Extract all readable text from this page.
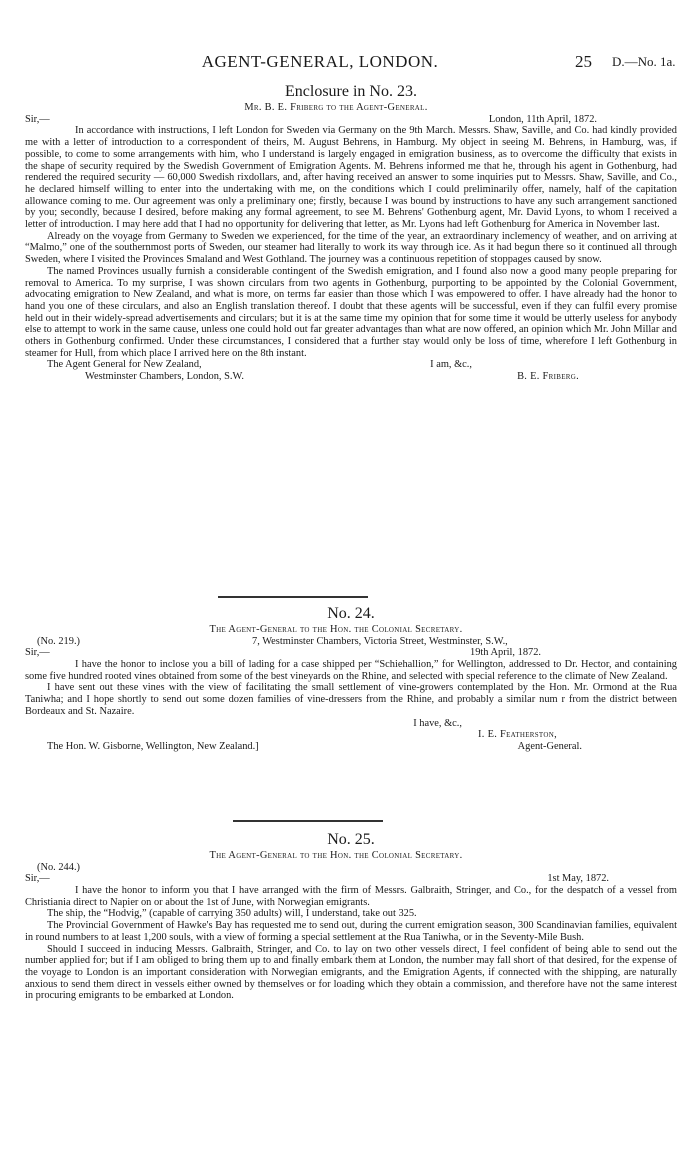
AGENT-GENERAL, LONDON.	25 D.—No. 1a.
Enclosure in No. 23.
Mr. B. E. Friberg to the Agent-General.
Sir,—	London, 11th April, 1872.

In accordance with instructions, I left London for Sweden via Germany on the 9th March. Messrs. Shaw, Saville, and Co. had kindly provided me with a letter of introduction to a correspondent of theirs, M. August Behrens, in Hamburg. My object in seeing M. Behrens, in Hamburg, was, if possible, to come to some arrangements with him, who I understand is largely engaged in emigration business, as to overcome the difficulty that exists in the shape of security required by the Swedish Government of Emigration Agents. M. Behrens informed me that he, through his agent in Gothenburg, had rendered the required security — 60,000 Swedish rixdollars, and, after having received an answer to some inquiries put to Messrs. Shaw, Saville, and Co., he declared himself willing to enter into the undertaking with me, on the conditions which I could preliminarily offer, namely, half of the capitation allowance coming to me. Our agreement was only a preliminary one; firstly, because I was bound by instructions to have any such arrangement sanctioned by you; secondly, because I desired, before making any formal agreement, to see M. Behrens' Gothenburg agent, Mr. David Lyons, to whom I received a letter of introduction. I may here add that I had no opportunity for delivering that letter, as Mr. Lyons had left Gothenburg for America in November last.

Already on the voyage from Germany to Sweden we experienced, for the time of the year, an extraordinary inclemency of weather, and on arriving at “Malmo,” one of the southernmost ports of Sweden, our steamer had literally to work its way through ice. As it had begun there so it continued all through Sweden, where I visited the Provinces Smaland and West Gothland. The journey was a continuous repetition of stoppages caused by snow.

The named Provinces usually furnish a considerable contingent of the Swedish emigration, and I found also now a good many people preparing for removal to America. To my surprise, I was shown circulars from two agents in Gothenburg, purporting to be appointed by the Colonial Government, advocating emigration to New Zealand, and what is more, on terms far easier than those which I was empowered to offer. I have already had the honor to hand you one of these circulars, and also an English translation thereof. I doubt that these agents will be successful, even if they can fulfil every promise held out in their widely-spread advertisements and circulars; but it is at the same time my opinion that for some time it would be utterly useless for anybody else to attempt to work in the same cause, unless one could hold out far greater advantages than what are now offered, an opinion which Mr. John Millar and others in Gothenburg confirmed. Under these circumstances, I considered that a further stay would only be loss of time, wherefore I left Gothenburg in steamer for Hull, from which place I arrived here on the 8th instant.

The Agent General for New Zealand,	I am, &c.,
Westminster Chambers, London, S.W.	B. E. Friberg.
No. 24.
The Agent-General to the Hon. the Colonial Secretary.
(No. 219.)	7, Westminster Chambers, Victoria Street, Westminster, S.W.,
Sir,—	19th April, 1872.

I have the honor to inclose you a bill of lading for a case shipped per “Schiehallion,” for Wellington, addressed to Dr. Hector, and containing some five hundred rooted vines obtained from some of the best vineyards on the Rhine, and selected with special reference to the climate of New Zealand.

I have sent out these vines with the view of facilitating the small settlement of vine-growers contemplated by the Hon. Mr. Ormond at the Rua Taniwha; and I hope shortly to send out some dozen families of vine-dressers from the Rhine, and probably a similar num r from the district between Bordeaux and St. Nazaire.

I have, &c.,
I. E. Featherston,
The Hon. W. Gisborne, Wellington, New Zealand.]	Agent-General.
No. 25.
The Agent-General to the Hon. the Colonial Secretary.
(No. 244.)
Sir,—	1st May, 1872.

I have the honor to inform you that I have arranged with the firm of Messrs. Galbraith, Stringer, and Co., for the despatch of a vessel from Christiania direct to Napier on or about the 1st of June, with Norwegian emigrants.

The ship, the “Hodvig,” (capable of carrying 350 adults) will, I understand, take out 325.

The Provincial Government of Hawke's Bay has requested me to send out, during the current emigration season, 300 Scandinavian families, equivalent in round numbers to at least 1,200 souls, with a view of forming a special settlement at the Rua Taniwha, or in the Seventy-Mile Bush.

Should I succeed in inducing Messrs. Galbraith, Stringer, and Co. to lay on two other vessels direct, I feel confident of being able to send out the number applied for; but if I am obliged to bring them up to and finally embark them at London, the number may fall short of that desired, for the expense of the voyage to London is an important consideration with Norwegian emigrants, and the Emigration Agents, if connected with the shipping, are naturally anxious to send them direct in vessels either owned by themselves or for loading which they obtain a commission, and therefore have not the same interest in procuring emigrants to be embarked at London.
